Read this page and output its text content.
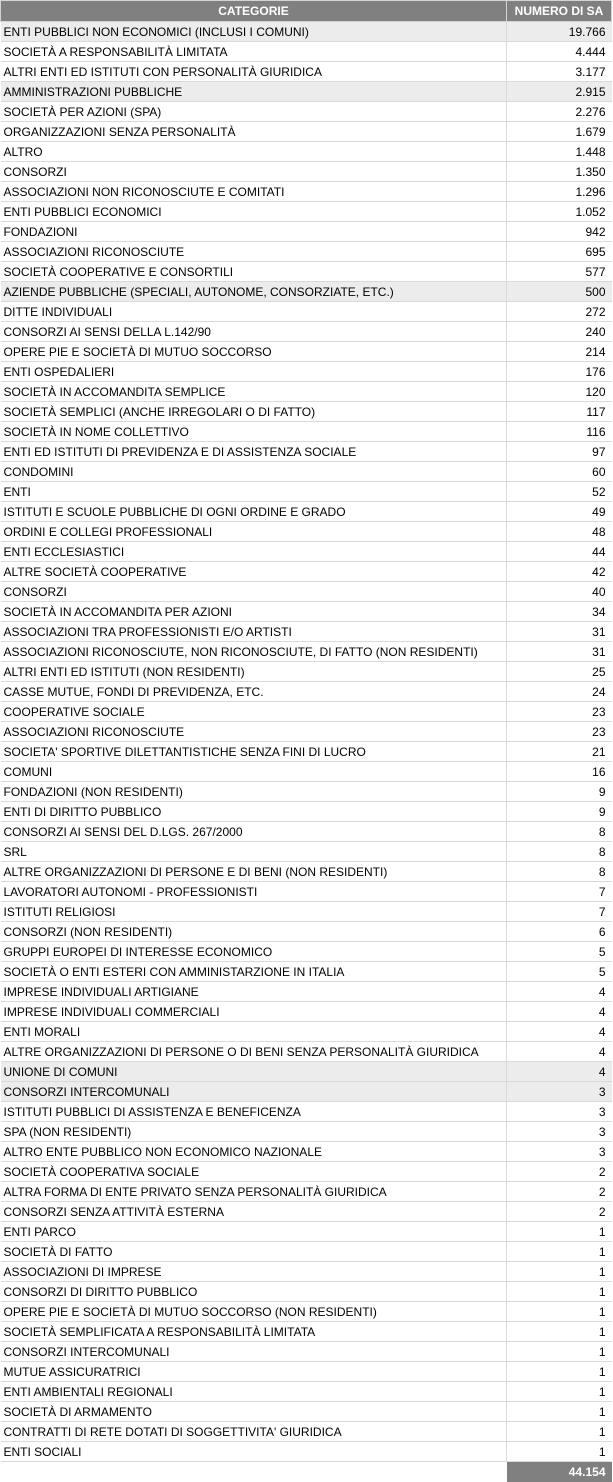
CATEGORIE	NUMERO DI SA
ENTI PUBBLICI NON ECONOMICI (INCLUSI I COMUNI)	19.766
SOCIETÀ A RESPONSABILITÀ LIMITATA	4.444
ALTRI ENTI ED ISTITUTI CON PERSONALITÀ GIURIDICA	3.177
AMMINISTRAZIONI PUBBLICHE	2.915
SOCIETÀ PER AZIONI (SPA)	2.276
ORGANIZZAZIONI SENZA PERSONALITÀ	1.679
ALTRO	1.448
CONSORZI	1.350
ASSOCIAZIONI NON RICONOSCIUTE E COMITATI	1.296
ENTI PUBBLICI ECONOMICI	1.052
FONDAZIONI	942
ASSOCIAZIONI RICONOSCIUTE	695
SOCIETÀ COOPERATIVE E CONSORTILI	577
AZIENDE PUBBLICHE (SPECIALI, AUTONOME, CONSORZIATE, ETC.)	500
DITTE INDIVIDUALI	272
CONSORZI AI SENSI DELLA L.142/90	240
OPERE PIE E SOCIETÀ DI MUTUO SOCCORSO	214
ENTI OSPEDALIERI	176
SOCIETÀ IN ACCOMANDITA SEMPLICE	120
SOCIETÀ SEMPLICI (ANCHE IRREGOLARI O DI FATTO)	117
SOCIETÀ IN NOME COLLETTIVO	116
ENTI ED ISTITUTI DI PREVIDENZA E DI ASSISTENZA SOCIALE	97
CONDOMINI	60
ENTI	52
ISTITUTI E SCUOLE PUBBLICHE DI OGNI ORDINE E GRADO	49
ORDINI E COLLEGI PROFESSIONALI	48
ENTI ECCLESIASTICI	44
ALTRE SOCIETÀ COOPERATIVE	42
CONSORZI	40
SOCIETÀ IN ACCOMANDITA PER AZIONI	34
ASSOCIAZIONI TRA PROFESSIONISTI E/O ARTISTI	31
ASSOCIAZIONI RICONOSCIUTE, NON RICONOSCIUTE, DI FATTO (NON RESIDENTI)	31
ALTRI ENTI ED ISTITUTI (NON RESIDENTI)	25
CASSE MUTUE, FONDI DI PREVIDENZA, ETC.	24
COOPERATIVE SOCIALE	23
ASSOCIAZIONI RICONOSCIUTE	23
SOCIETA' SPORTIVE DILETTANTISTICHE SENZA FINI DI LUCRO	21
COMUNI	16
FONDAZIONI (NON RESIDENTI)	9
ENTI DI DIRITTO PUBBLICO	9
CONSORZI AI SENSI DEL D.LGS. 267/2000	8
SRL	8
ALTRE ORGANIZZAZIONI DI PERSONE E DI BENI (NON RESIDENTI)	8
LAVORATORI AUTONOMI - PROFESSIONISTI	7
ISTITUTI RELIGIOSI	7
CONSORZI (NON RESIDENTI)	6
GRUPPI EUROPEI DI INTERESSE ECONOMICO	5
SOCIETÀ O ENTI ESTERI CON AMMINISTARZIONE IN ITALIA	5
IMPRESE INDIVIDUALI ARTIGIANE	4
IMPRESE INDIVIDUALI COMMERCIALI	4
ENTI MORALI	4
ALTRE ORGANIZZAZIONI DI PERSONE O DI BENI SENZA PERSONALITÀ GIURIDICA	4
UNIONE DI COMUNI	4
CONSORZI INTERCOMUNALI	3
ISTITUTI PUBBLICI DI ASSISTENZA E BENEFICENZA	3
SPA (NON RESIDENTI)	3
ALTRO ENTE PUBBLICO NON ECONOMICO NAZIONALE	3
SOCIETÀ COOPERATIVA SOCIALE	2
ALTRA FORMA DI ENTE PRIVATO SENZA PERSONALITÀ GIURIDICA	2
CONSORZI SENZA ATTIVITÀ ESTERNA	2
ENTI PARCO	1
SOCIETÀ DI FATTO	1
ASSOCIAZIONI DI IMPRESE	1
CONSORZI DI DIRITTO PUBBLICO	1
OPERE PIE E SOCIETÀ DI MUTUO SOCCORSO (NON RESIDENTI)	1
SOCIETÀ SEMPLIFICATA A RESPONSABILITÀ LIMITATA	1
CONSORZI INTERCOMUNALI	1
MUTUE ASSICURATRICI	1
ENTI AMBIENTALI REGIONALI	1
SOCIETÀ DI ARMAMENTO	1
CONTRATTI DI RETE DOTATI DI SOGGETTIVITA' GIURIDICA	1
ENTI SOCIALI	1
	44.154
